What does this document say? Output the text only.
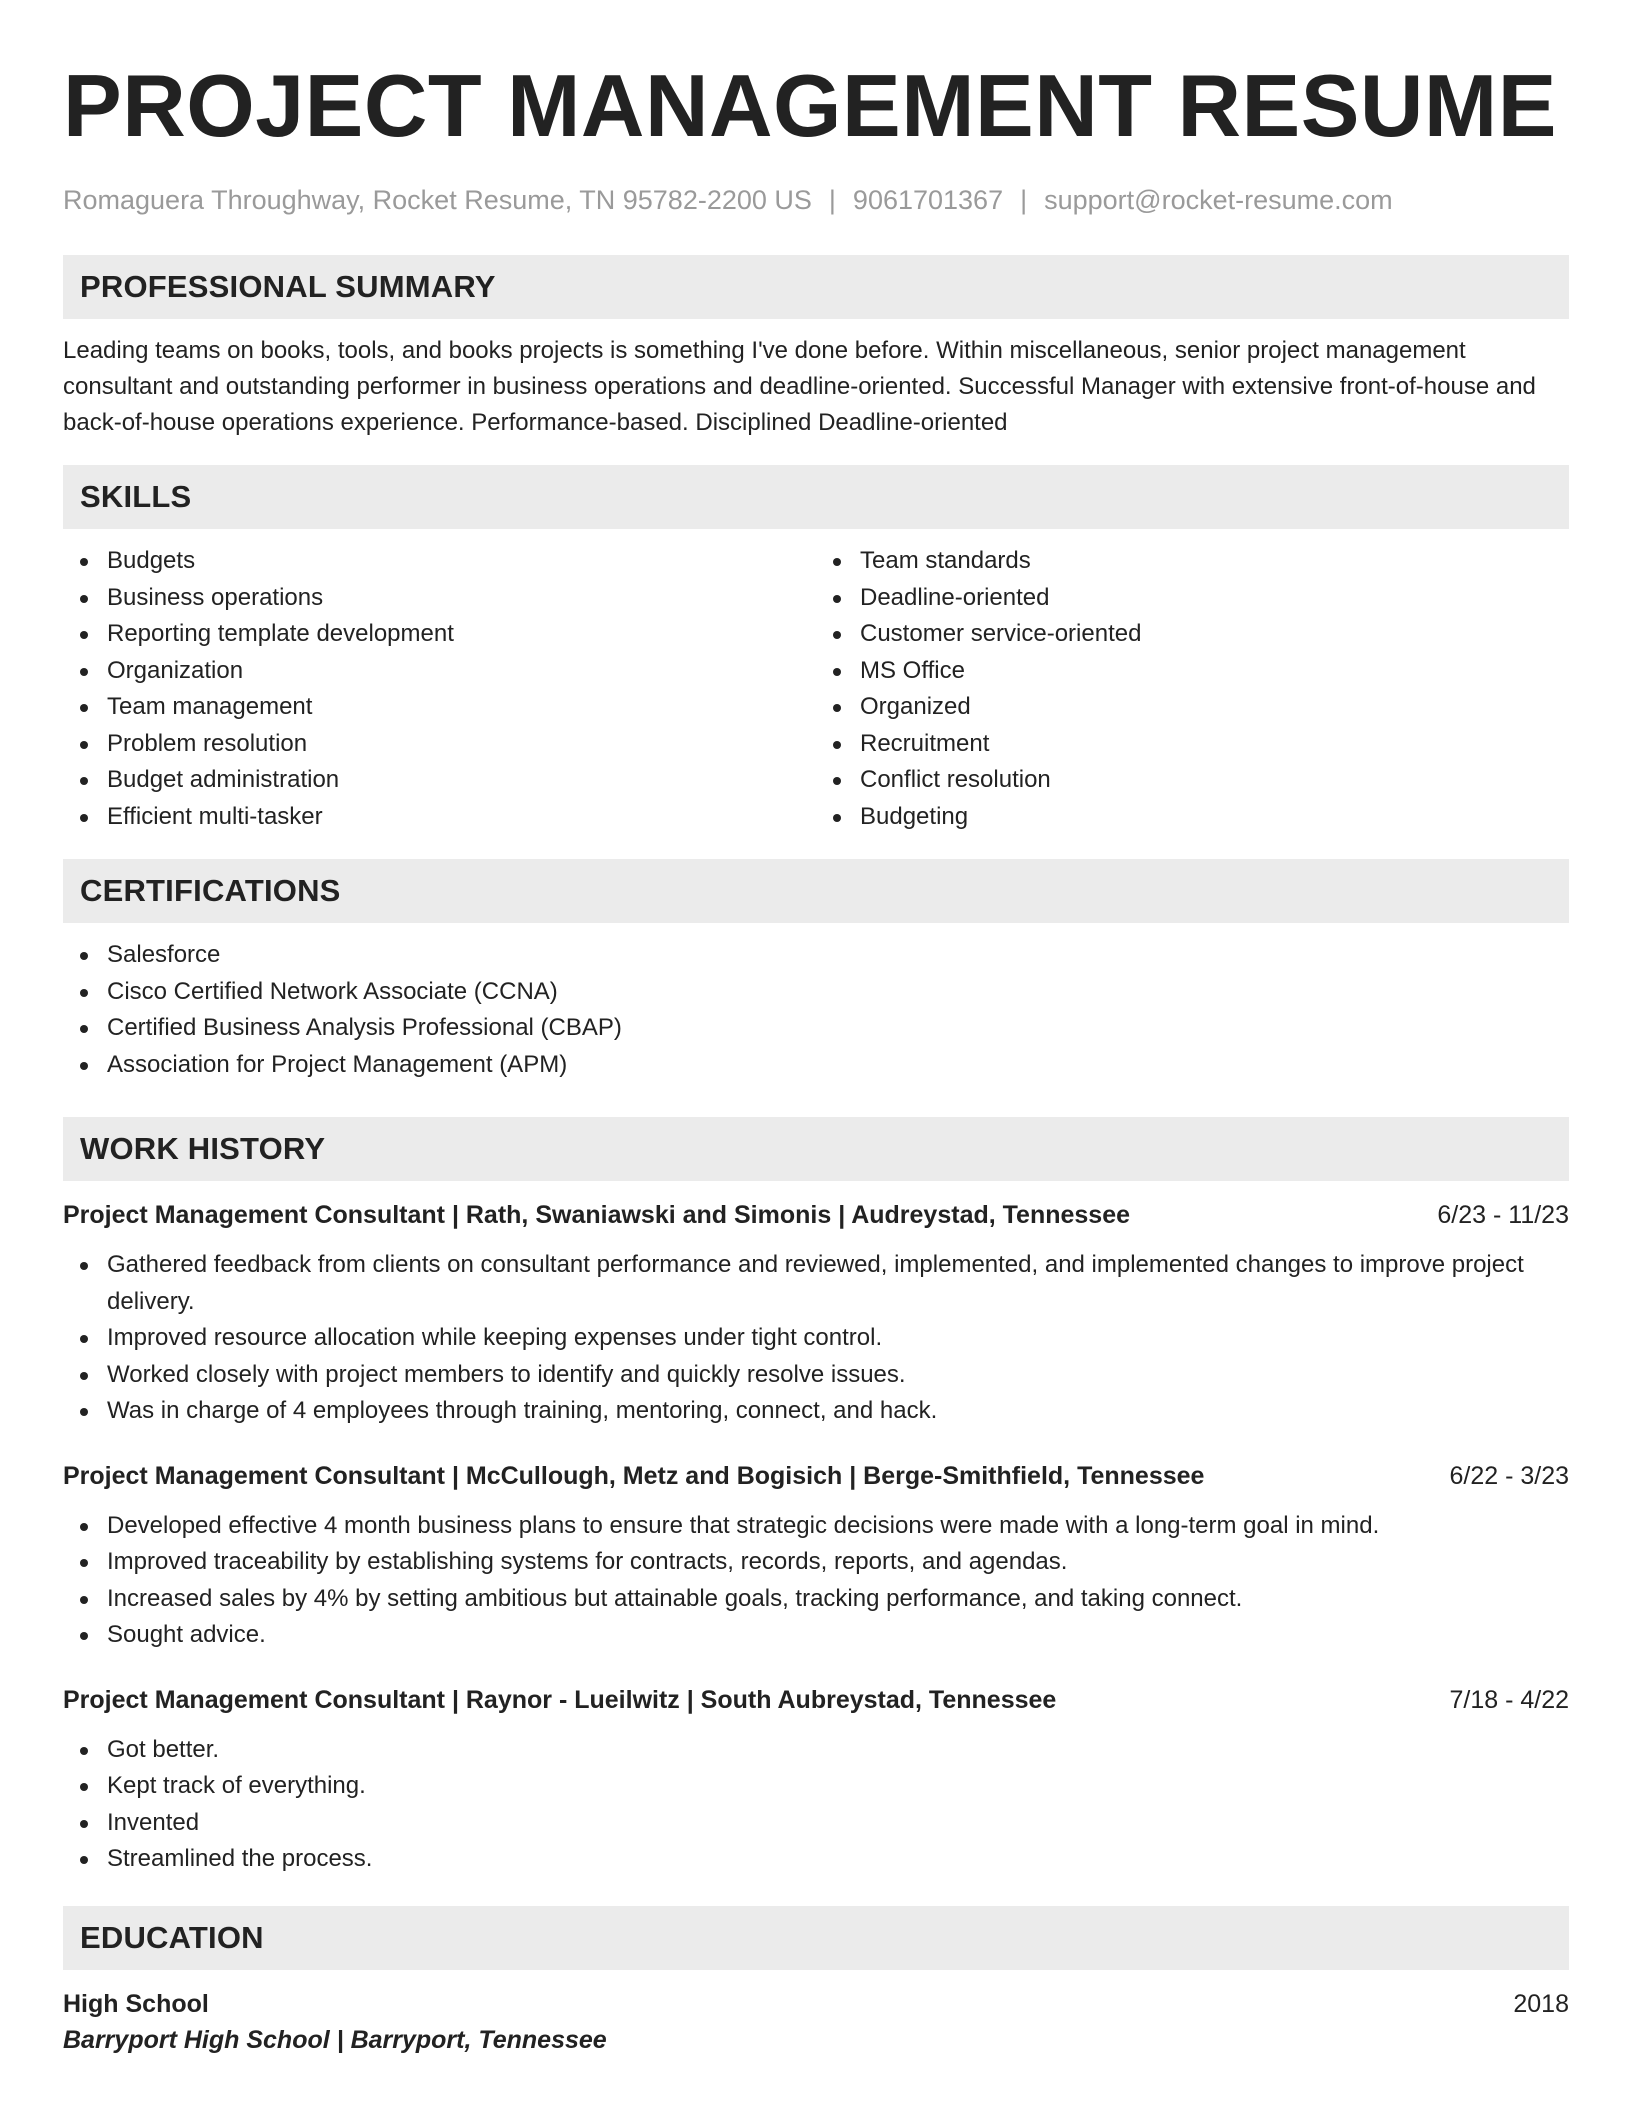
PROJECT MANAGEMENT RESUME
Romaguera Throughway, Rocket Resume, TN 95782-2200 US | 9061701367 | support@rocket-resume.com
PROFESSIONAL SUMMARY

Leading teams on books, tools, and books projects is something I've done before. Within miscellaneous, senior project management consultant and outstanding performer in business operations and deadline-oriented. Successful Manager with extensive front-of-house and back-of-house operations experience. Performance-based. Disciplined Deadline-oriented

SKILLS
Budgets
Business operations
Reporting template development
Organization
Team management
Problem resolution
Budget administration
Efficient multi-tasker
Team standards
Deadline-oriented
Customer service-oriented
MS Office
Organized
Recruitment
Conflict resolution
Budgeting
CERTIFICATIONS
Salesforce
Cisco Certified Network Associate (CCNA)
Certified Business Analysis Professional (CBAP)
Association for Project Management (APM)
WORK HISTORY
Project Management Consultant | Rath, Swaniawski and Simonis | Audreystad, Tennessee	6/23 - 11/23
Gathered feedback from clients on consultant performance and reviewed, implemented, and implemented changes to improve project delivery.
Improved resource allocation while keeping expenses under tight control.
Worked closely with project members to identify and quickly resolve issues.
Was in charge of 4 employees through training, mentoring, connect, and hack.
Project Management Consultant | McCullough, Metz and Bogisich | Berge-Smithfield, Tennessee	6/22 - 3/23
Developed effective 4 month business plans to ensure that strategic decisions were made with a long-term goal in mind.
Improved traceability by establishing systems for contracts, records, reports, and agendas.
Increased sales by 4% by setting ambitious but attainable goals, tracking performance, and taking connect.
Sought advice.
Project Management Consultant | Raynor - Lueilwitz | South Aubreystad, Tennessee	7/18 - 4/22
Got better.
Kept track of everything.
Invented
Streamlined the process.
EDUCATION
High School	2018
Barryport High School | Barryport, Tennessee
